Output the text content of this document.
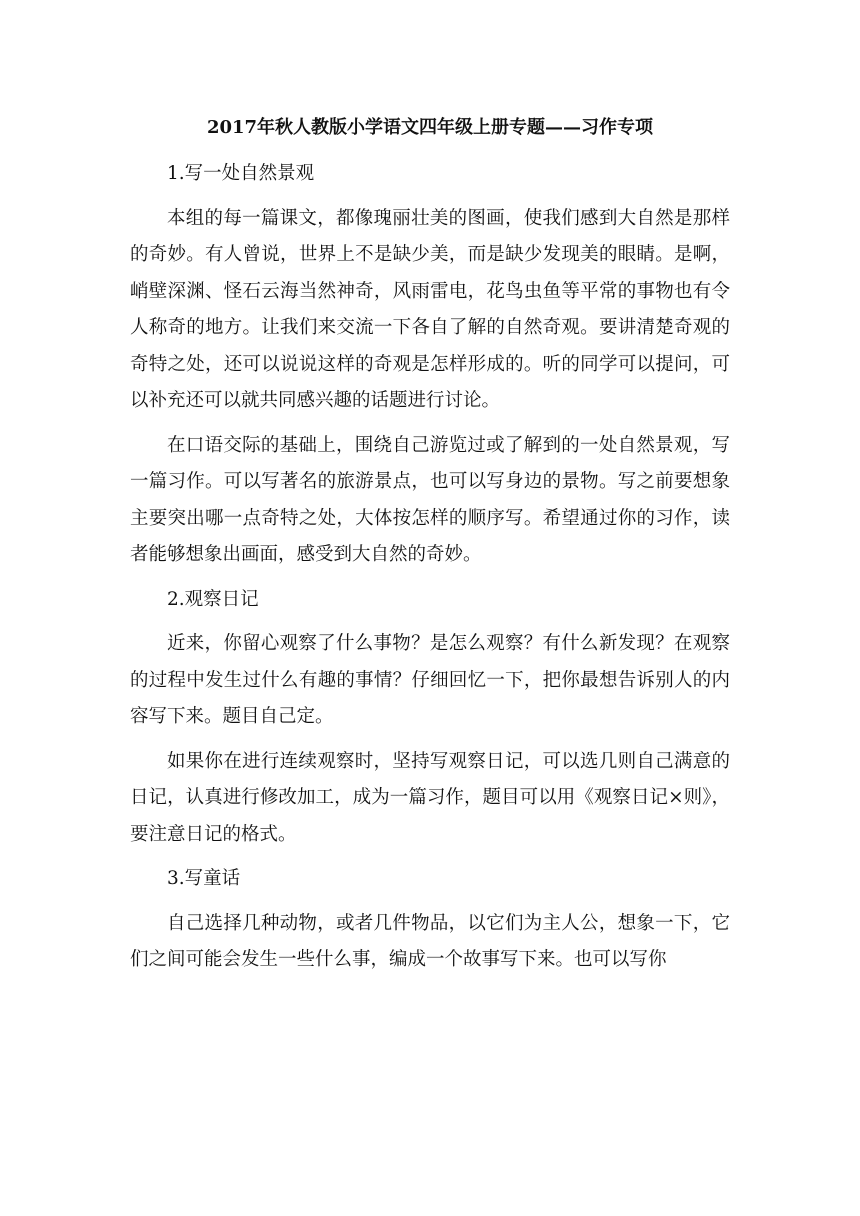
2017年秋人教版小学语文四年级上册专题——习作专项
1.写一处自然景观
本组的每一篇课文，都像瑰丽壮美的图画，使我们感到大自然是那样的奇妙。有人曾说，世界上不是缺少美，而是缺少发现美的眼睛。是啊，峭壁深渊、怪石云海当然神奇，风雨雷电，花鸟虫鱼等平常的事物也有令人称奇的地方。让我们来交流一下各自了解的自然奇观。要讲清楚奇观的奇特之处，还可以说说这样的奇观是怎样形成的。听的同学可以提问，可以补充还可以就共同感兴趣的话题进行讨论。
在口语交际的基础上，围绕自己游览过或了解到的一处自然景观，写一篇习作。可以写著名的旅游景点，也可以写身边的景物。写之前要想象主要突出哪一点奇特之处，大体按怎样的顺序写。希望通过你的习作，读者能够想象出画面，感受到大自然的奇妙。
2.观察日记
近来，你留心观察了什么事物？是怎么观察？有什么新发现？在观察的过程中发生过什么有趣的事情？仔细回忆一下，把你最想告诉别人的内容写下来。题目自己定。
如果你在进行连续观察时，坚持写观察日记，可以选几则自己满意的日记，认真进行修改加工，成为一篇习作，题目可以用《观察日记×则》，要注意日记的格式。
3.写童话
自己选择几种动物，或者几件物品，以它们为主人公，想象一下，它们之间可能会发生一些什么事，编成一个故事写下来。也可以写你
